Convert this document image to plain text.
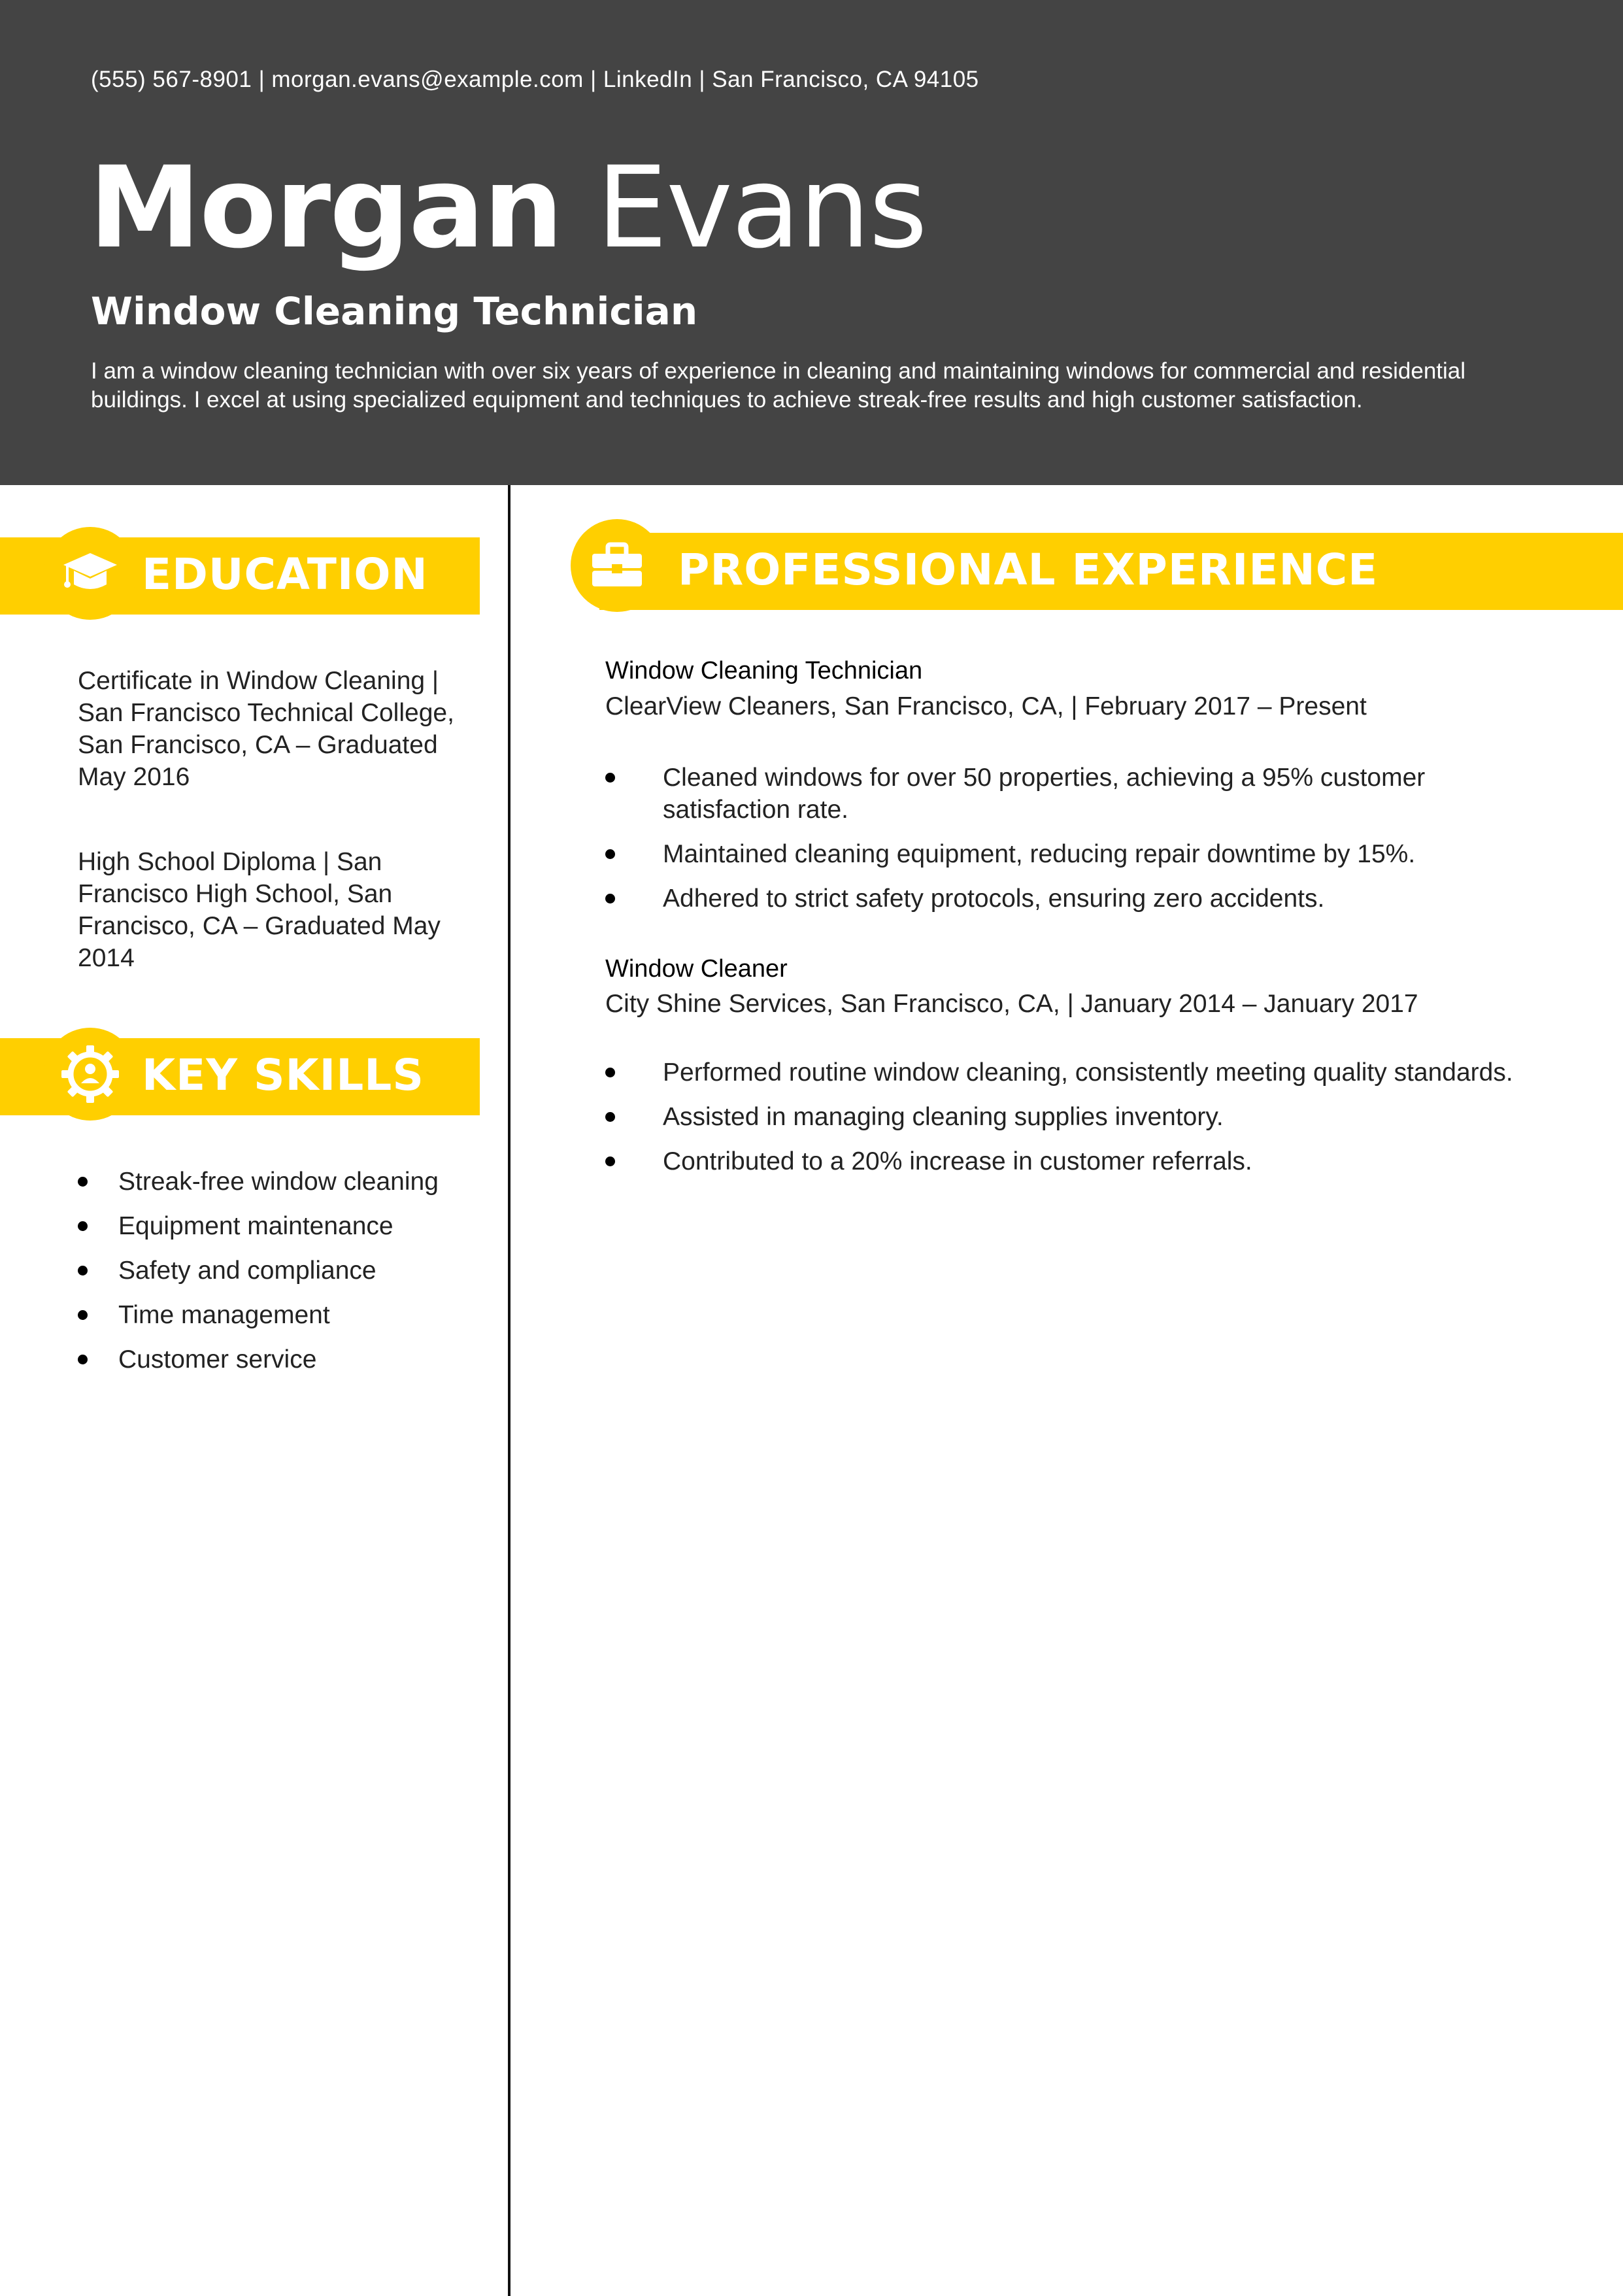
(555) 567-8901 | morgan.evans@example.com | LinkedIn | San Francisco, CA 94105
Morgan Evans
Window Cleaning Technician
I am a window cleaning technician with over six years of experience in cleaning and maintaining windows for commercial and residential buildings. I excel at using specialized equipment and techniques to achieve streak-free results and high customer satisfaction.
EDUCATION
Certificate in Window Cleaning | San Francisco Technical College, San Francisco, CA – Graduated May 2016
High School Diploma | San Francisco High School, San Francisco, CA – Graduated May 2014
KEY SKILLS
Streak-free window cleaning
Equipment maintenance
Safety and compliance
Time management
Customer service
PROFESSIONAL EXPERIENCE
Window Cleaning Technician
ClearView Cleaners, San Francisco, CA, | February 2017 – Present
Cleaned windows for over 50 properties, achieving a 95% customer satisfaction rate.
Maintained cleaning equipment, reducing repair downtime by 15%.
Adhered to strict safety protocols, ensuring zero accidents.
Window Cleaner
City Shine Services, San Francisco, CA, | January 2014 – January 2017
Performed routine window cleaning, consistently meeting quality standards.
Assisted in managing cleaning supplies inventory.
Contributed to a 20% increase in customer referrals.
